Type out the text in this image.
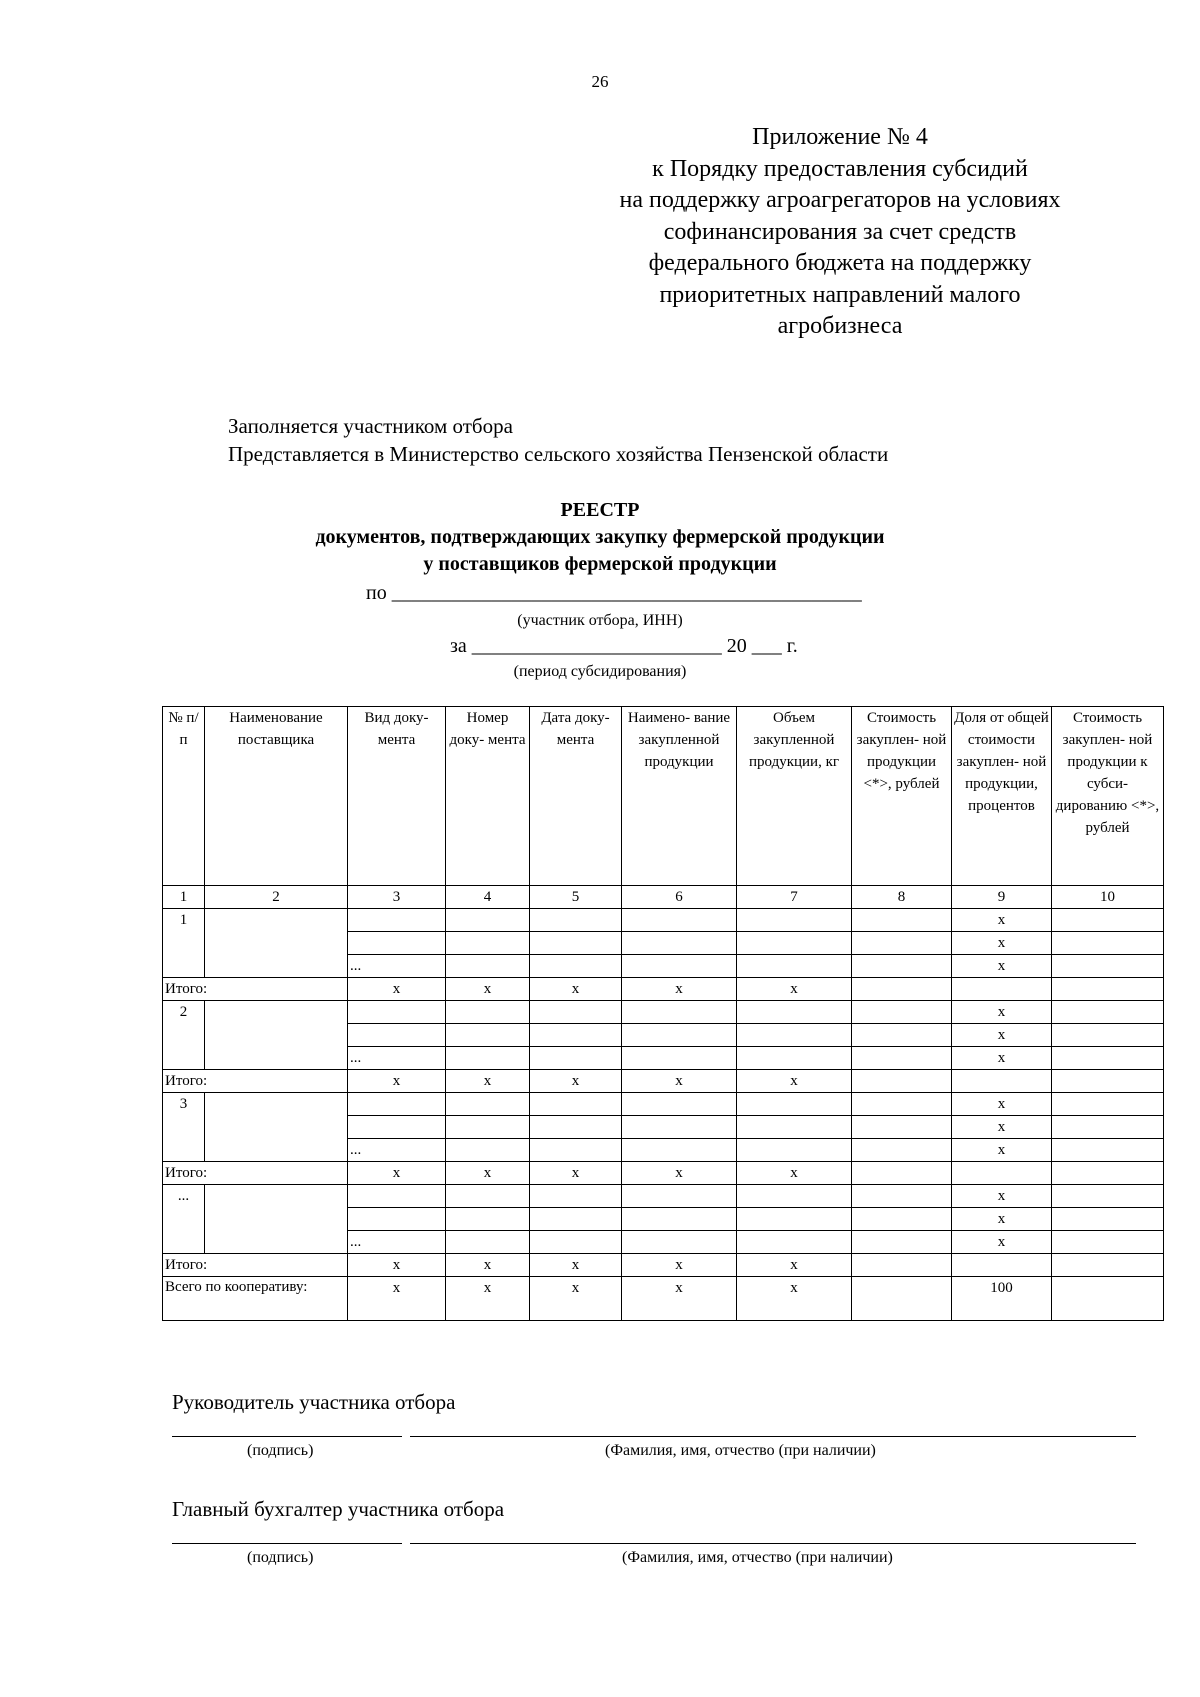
26
Приложение № 4
к Порядку предоставления субсидий
на поддержку агроагрегаторов на условиях
софинансирования за счет средств
федерального бюджета на поддержку
приоритетных направлений малого
агробизнеса
Заполняется участником отбора
Представляется в Министерство сельского хозяйства Пензенской области
РЕЕСТР
документов, подтверждающих закупку фермерской продукции
у поставщиков фермерской продукции
по _______________________________________________
(участник отбора, ИНН)
за _________________________ 20 ___ г.
(период субсидирования)
№ п/п	Наименование поставщика	Вид доку- мента	Номер доку- мента	Дата доку- мента	Наимено- вание закупленной продукции	Объем закупленной продукции, кг	Стоимость закуплен- ной продукции <*>, рублей	Доля от общей стоимости закуплен- ной продукции, процентов	Стоимость закуплен- ной продукции к субси- дированию <*>, рублей
1	2	3	4	5	6	7	8	9	10
1								х	
								х	
		...						х	
Итого:		х	х	х	х	х			
2								х	
								х	
		...						х	
Итого:		х	х	х	х	х			
3								х	
								х	
		...						х	
Итого:		х	х	х	х	х			
...								х	
								х	
		...						х	
Итого:		х	х	х	х	х			
Всего по кооперативу:		х	х	х	х	х		100	
Руководитель участника отбора
(подпись)	(Фамилия, имя, отчество (при наличии)
Главный бухгалтер участника отбора
(подпись)	(Фамилия, имя, отчество (при наличии)
